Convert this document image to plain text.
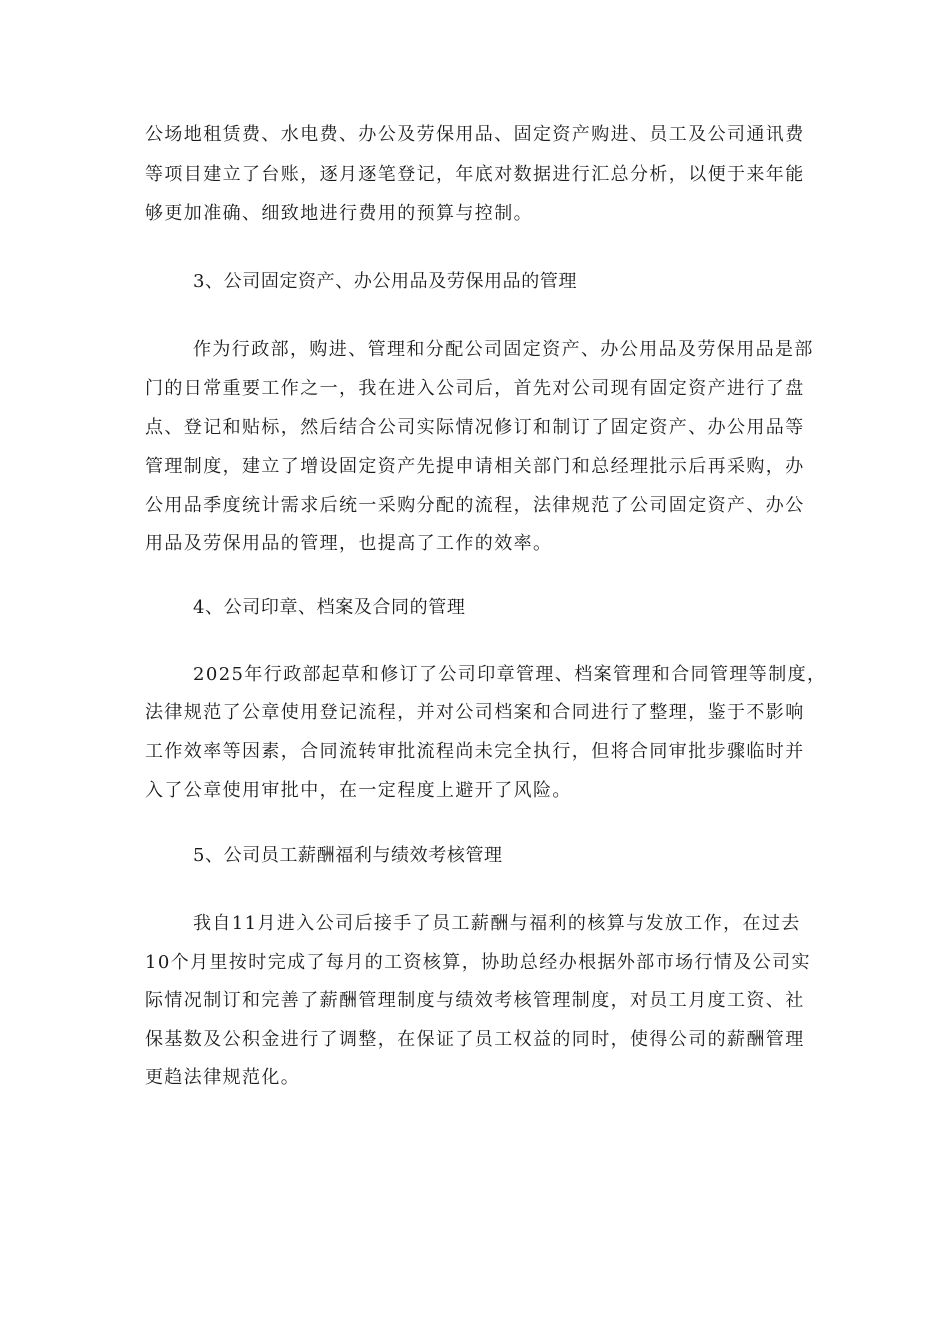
公场地租赁费、水电费、办公及劳保用品、固定资产购进、员工及公司通讯费

等项目建立了台账，逐月逐笔登记，年底对数据进行汇总分析，以便于来年能

够更加准确、细致地进行费用的预算与控制。

3、公司固定资产、办公用品及劳保用品的管理

作为行政部，购进、管理和分配公司固定资产、办公用品及劳保用品是部

门的日常重要工作之一，我在进入公司后，首先对公司现有固定资产进行了盘

点、登记和贴标，然后结合公司实际情况修订和制订了固定资产、办公用品等

管理制度，建立了增设固定资产先提申请相关部门和总经理批示后再采购，办

公用品季度统计需求后统一采购分配的流程，法律规范了公司固定资产、办公

用品及劳保用品的管理，也提高了工作的效率。

4、公司印章、档案及合同的管理

2025年行政部起草和修订了公司印章管理、档案管理和合同管理等制度，

法律规范了公章使用登记流程，并对公司档案和合同进行了整理，鉴于不影响

工作效率等因素，合同流转审批流程尚未完全执行，但将合同审批步骤临时并

入了公章使用审批中，在一定程度上避开了风险。

5、公司员工薪酬福利与绩效考核管理

我自11月进入公司后接手了员工薪酬与福利的核算与发放工作，在过去

10个月里按时完成了每月的工资核算，协助总经办根据外部市场行情及公司实

际情况制订和完善了薪酬管理制度与绩效考核管理制度，对员工月度工资、社

保基数及公积金进行了调整，在保证了员工权益的同时，使得公司的薪酬管理

更趋法律规范化。
